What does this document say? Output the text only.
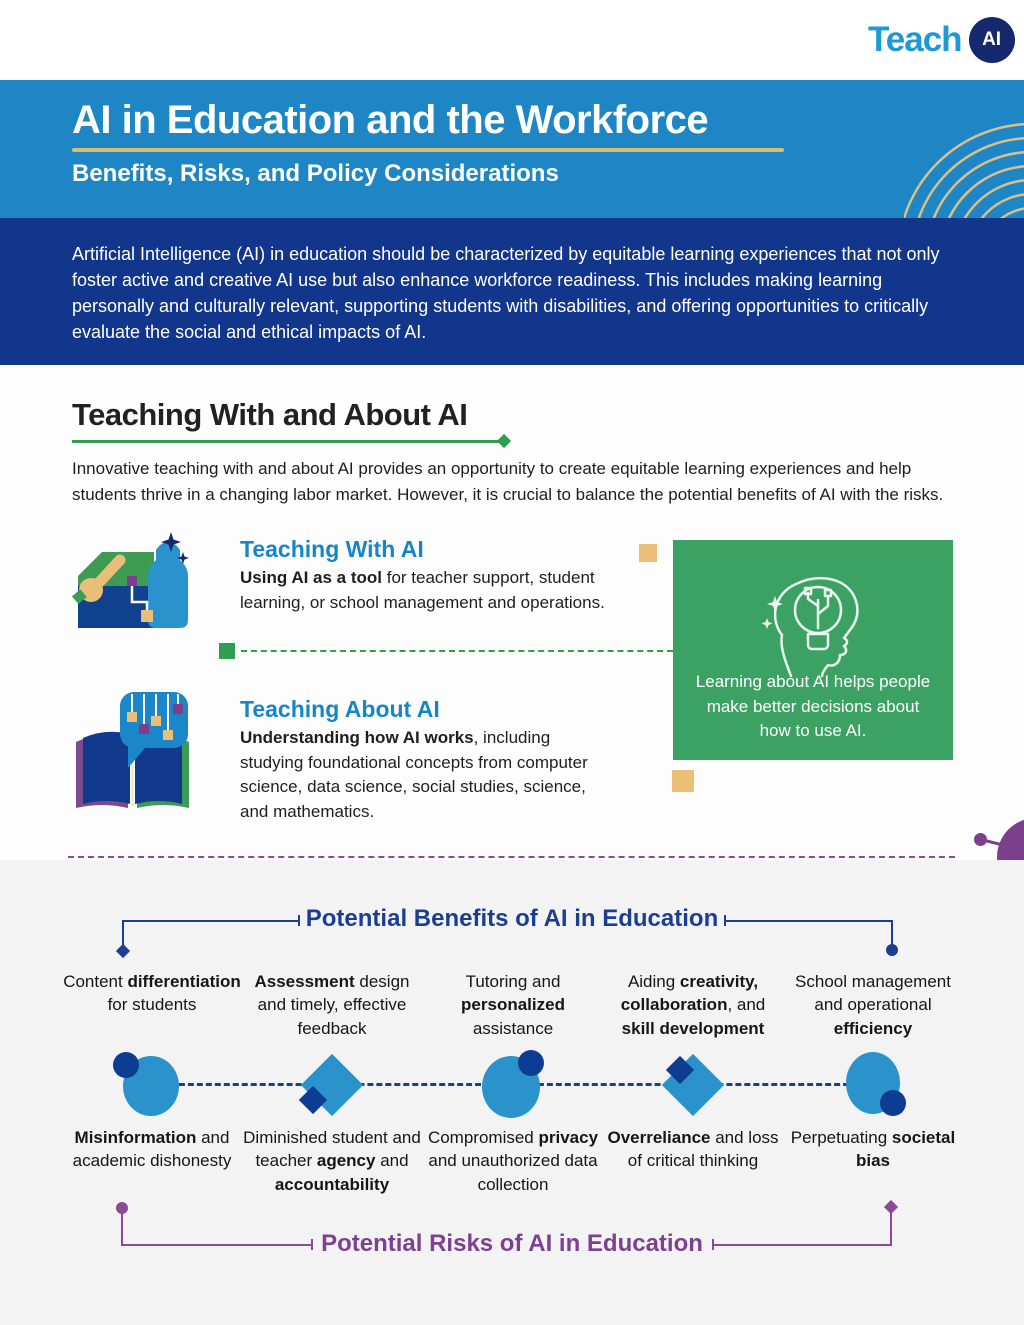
Teach AI
AI in Education and the Workforce
Benefits, Risks, and Policy Considerations

Artificial Intelligence (AI) in education should be characterized by equitable learning experiences that not only foster active and creative AI use but also enhance workforce readiness. This includes making learning personally and culturally relevant, supporting students with disabilities, and offering opportunities to critically evaluate the social and ethical impacts of AI.

Teaching With and About AI

Innovative teaching with and about AI provides an opportunity to create equitable learning experiences and help students thrive in a changing labor market. However, it is crucial to balance the potential benefits of AI with the risks.

Teaching With AI
Using AI as a tool for teacher support, student learning, or school management and operations.
Teaching About AI
Understanding how AI works, including studying foundational concepts from computer science, data science, social studies, science, and mathematics.

Learning about AI helps people make better decisions about how to use AI.

Potential Benefits of AI in Education
Content differentiation for students
Assessment design and timely, effective feedback
Tutoring and personalized assistance
Aiding creativity, collaboration, and skill development
School management and operational efficiency
Misinformation and academic dishonesty
Diminished student and teacher agency and accountability
Compromised privacy and unauthorized data collection
Overreliance and loss of critical thinking
Perpetuating societal bias
Potential Risks of AI in Education
